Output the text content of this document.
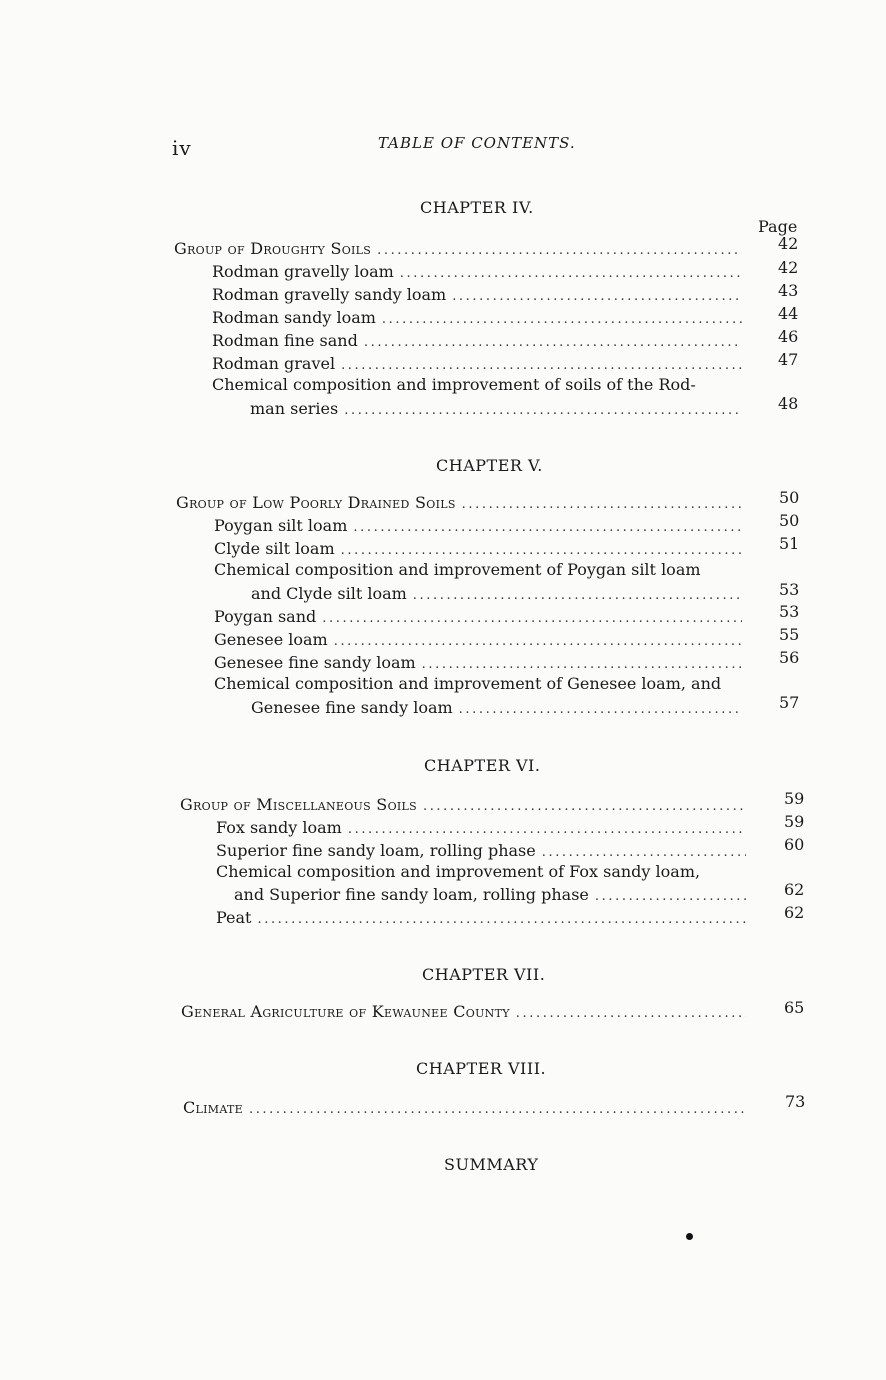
iv	TABLE OF CONTENTS.
CHAPTER IV.
Page
Group of Droughty Soils .....	42
Rodman gravelly loam .....	42
Rodman gravelly sandy loam .....	43
Rodman sandy loam .....	44
Rodman fine sand .....	46
Rodman gravel .....	47
Chemical composition and improvement of soils of the Rod-
man series .....	48
CHAPTER V.
Group of Low Poorly Drained Soils .....	50
Poygan silt loam .....	50
Clyde silt loam .....	51
Chemical composition and improvement of Poygan silt loam
and Clyde silt loam .....	53
Poygan sand .....	53
Genesee loam .....	55
Genesee fine sandy loam .....	56
Chemical composition and improvement of Genesee loam, and
Genesee fine sandy loam .....	57
CHAPTER VI.
Group of Miscellaneous Soils .....	59
Fox sandy loam .....	59
Superior fine sandy loam, rolling phase .....	60
Chemical composition and improvement of Fox sandy loam,
and Superior fine sandy loam, rolling phase .....	62
Peat .....	62
CHAPTER VII.
General Agriculture of Kewaunee County .....	65
CHAPTER VIII.
Climate .....	73
SUMMARY
